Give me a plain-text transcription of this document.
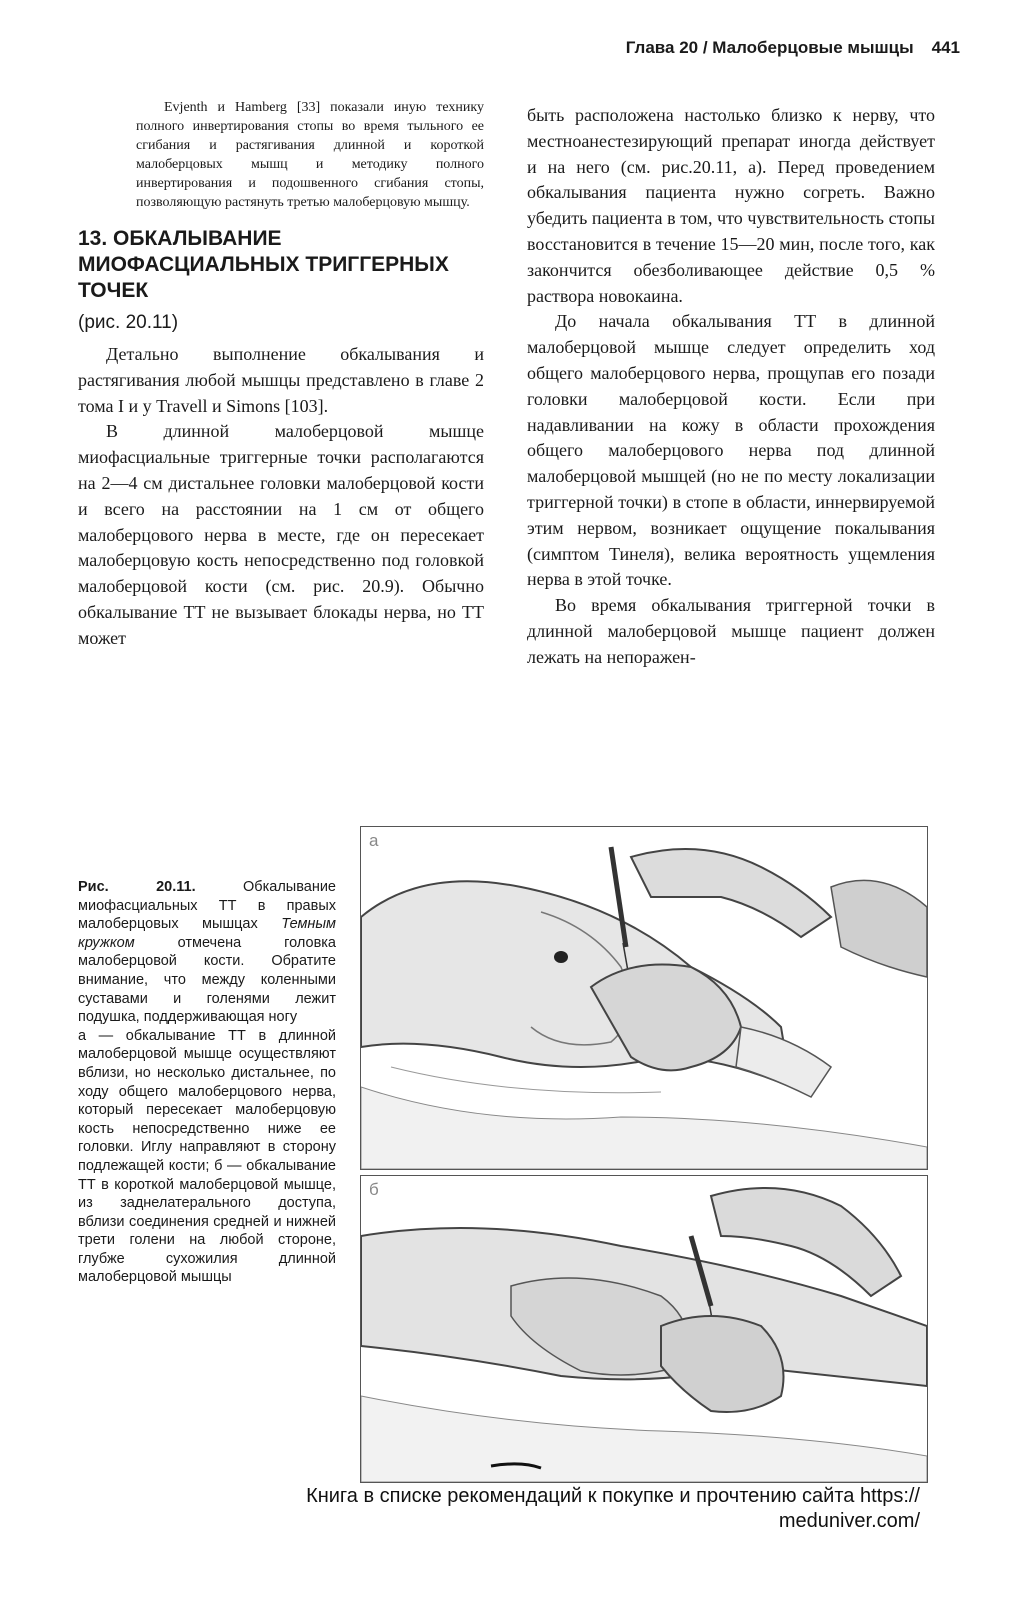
Глава 20 / Малоберцовые мышцы 441

Evjenth и Hamberg [33] показали иную технику полного инвертирования стопы во время тыльного ее сгибания и растягивания длинной и короткой малоберцовых мышц и методику полного инвертирования и подошвенного сгибания стопы, позволяющую растянуть третью малоберцовую мышцу.

13. ОБКАЛЫВАНИЕ МИОФАСЦИАЛЬНЫХ ТРИГГЕРНЫХ ТОЧЕК

(рис. 20.11)

Детально выполнение обкалывания и растягивания любой мышцы представлено в главе 2 тома I и у Travell и Simons [103].

В длинной малоберцовой мышце миофасциальные триггерные точки располагаются на 2—4 см дистальнее головки малоберцовой кости и всего на расстоянии на 1 см от общего малоберцового нерва в месте, где он пересекает малоберцовую кость непосредственно под головкой малоберцовой кости (см. рис. 20.9). Обычно обкалывание ТТ не вызывает блокады нерва, но ТТ может

быть расположена настолько близко к нерву, что местноанестезирующий препарат иногда действует и на него (см. рис.20.11, а). Перед проведением обкалывания пациента нужно согреть. Важно убедить пациента в том, что чувствительность стопы восстановится в течение 15—20 мин, после того, как закончится обезболивающее действие 0,5 % раствора новокаина.

До начала обкалывания ТТ в длинной малоберцовой мышце следует определить ход общего малоберцового нерва, прощупав его позади головки малоберцовой кости. Если при надавливании на кожу в области прохождения общего малоберцового нерва под длинной малоберцовой мышцей (но не по месту локализации триггерной точки) в стопе в области, иннервируемой этим нервом, возникает ощущение покалывания (симптом Тинеля), велика вероятность ущемления нерва в этой точке.

Во время обкалывания триггерной точки в длинной малоберцовой мышце пациент должен лежать на непоражен-

Рис. 20.11.	Обкалывание миофасциальных ТТ в правых малоберцовых мышцах Темным кружком	отмечена головка малоберцовой кости. Обратите внимание, что между коленными суставами и голенями лежит подушка, поддерживающая ногу
а — обкалывание ТТ в длинной малоберцовой мышце осуществляют вблизи, но несколько дистальнее, по ходу общего малоберцового нерва, который пересекает малоберцовую кость непосредственно ниже ее головки. Иглу направляют в сторону подлежащей кости; б — обкалывание ТТ в короткой малоберцовой мышце, из заднелатерального доступа, вблизи соединения средней и нижней трети голени на любой стороне, глубже сухожилия длинной малоберцовой мышцы
а
б
Книга в списке рекомендаций к покупке и прочтению сайта https://
meduniver.com/
